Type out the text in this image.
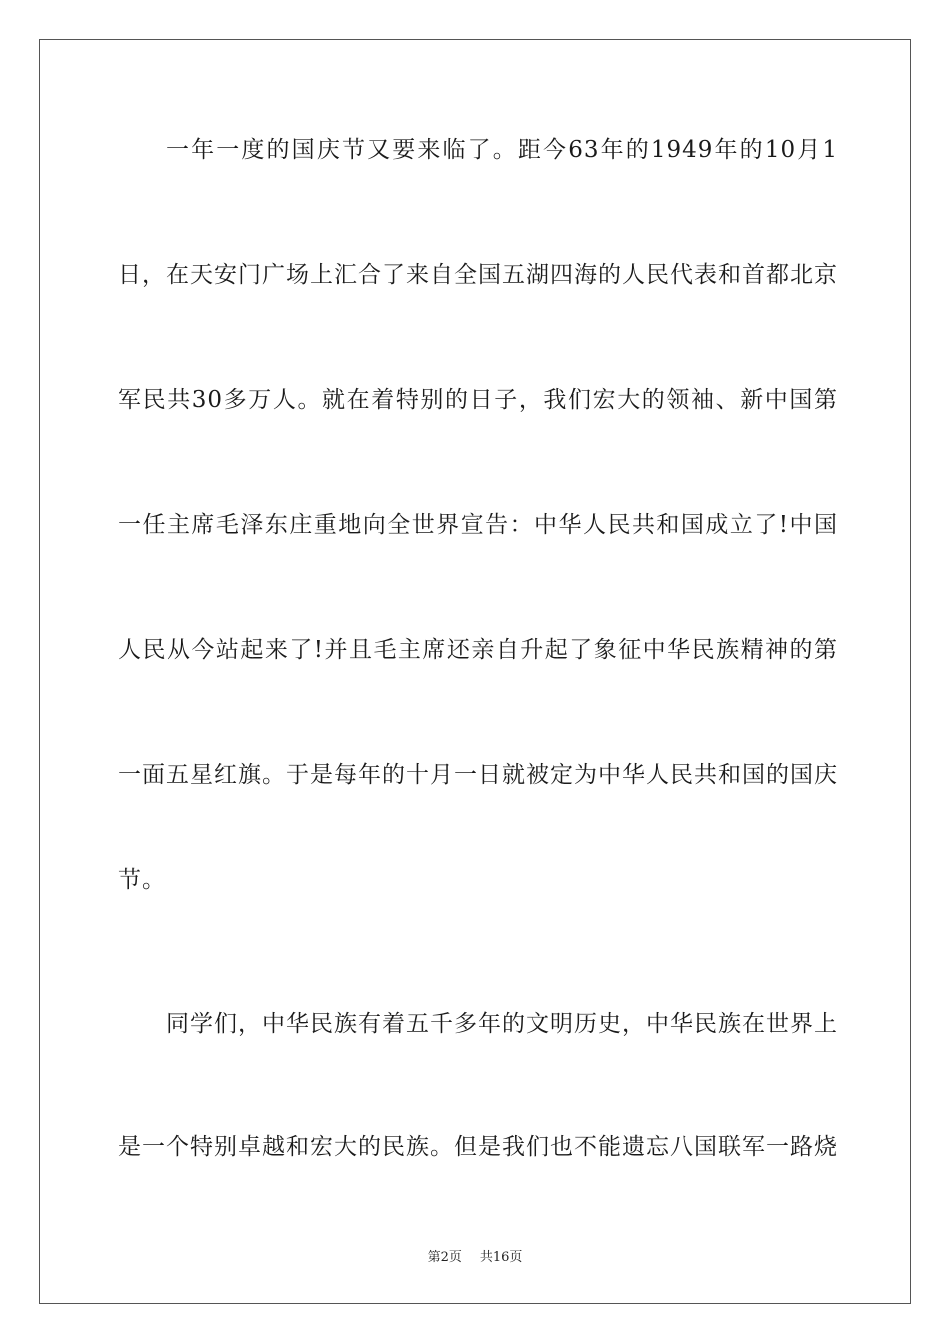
一年一度的国庆节又要来临了。距今63年的1949年的10月1
日，在天安门广场上汇合了来自全国五湖四海的人民代表和首都北京
军民共30多万人。就在着特别的日子，我们宏大的领袖、新中国第
一任主席毛泽东庄重地向全世界宣告：中华人民共和国成立了!中国
人民从今站起来了!并且毛主席还亲自升起了象征中华民族精神的第
一面五星红旗。于是每年的十月一日就被定为中华人民共和国的国庆
节。
同学们，中华民族有着五千多年的文明历史，中华民族在世界上
是一个特别卓越和宏大的民族。但是我们也不能遗忘八国联军一路烧
第2页 共16页
